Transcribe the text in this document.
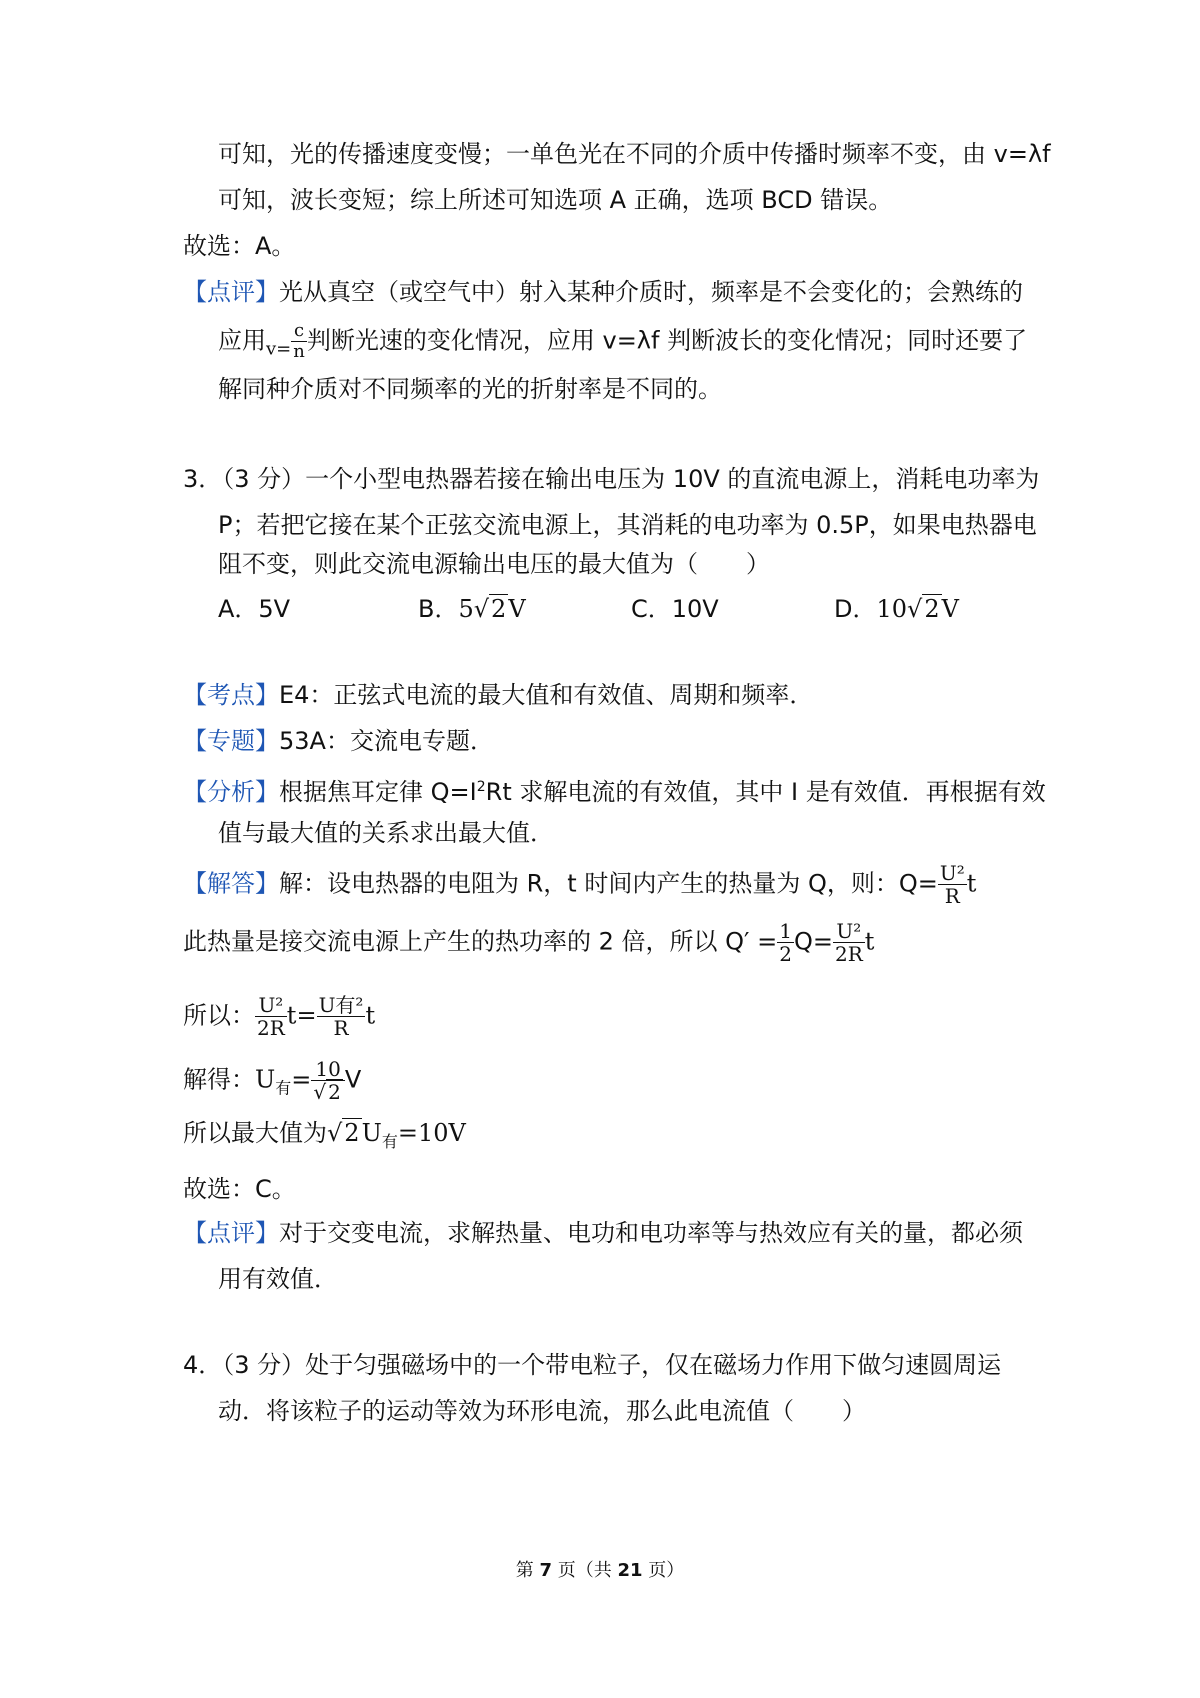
可知，光的传播速度变慢；一单色光在不同的介质中传播时频率不变，由 v=λf
可知，波长变短；综上所述可知选项 A 正确，选项 BCD 错误。
故选：A。
【点评】光从真空（或空气中）射入某种介质时，频率是不会变化的；会熟练的
应用$_{v=} \frac{c}{n}$ 判断光速的变化情况，应用 v=λf 判断波长的变化情况；同时还要了
解同种介质对不同频率的光的折射率是不同的。
3．（3 分）一个小型电热器若接在输出电压为 10V 的直流电源上，消耗电功率为
P；若把它接在某个正弦交流电源上，其消耗的电功率为 0.5P，如果电热器电
阻不变，则此交流电源输出电压的最大值为（　　）
A．5V	B．5√2V	C．10V	D．10√2V
【考点】E4：正弦式电流的最大值和有效值、周期和频率．
【专题】53A：交流电专题．
【分析】根据焦耳定律 $Q=I^2Rt$ 求解电流的有效值，其中 I 是有效值．再根据有效
值与最大值的关系求出最大值．
【解答】解：设电热器的电阻为 R，t 时间内产生的热量为 Q，则：$Q= \frac{\text{U²}}{R}$ t
此热量是接交流电源上产生的热功率的 2 倍，所以 $Q' = \frac{1}{2} Q= \frac{\text{U²}}{2R}$ t
所以： $\frac{\text{U²}}{2R} t= \frac{\text{U有²}}{R}$ t
解得：$U_有= \frac{10}{√ 2}$ V
所以最大值为$√2U_有=10V$
故选：C。
【点评】对于交变电流，求解热量、电功和电功率等与热效应有关的量，都必须
用有效值．
4．（3 分）处于匀强磁场中的一个带电粒子，仅在磁场力作用下做匀速圆周运
动．将该粒子的运动等效为环形电流，那么此电流值（　　）
第 7 页（共 21 页）
